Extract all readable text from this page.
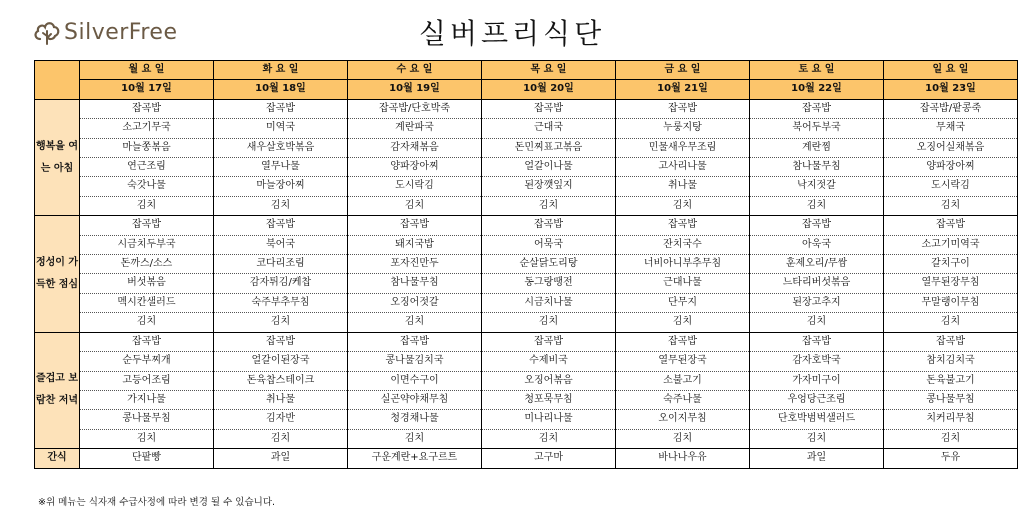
SilverFree	실버프리식단
	월 요 일	화 요 일	수 요 일	목 요 일	금 요 일	토 요 일	일 요 일
	10월 17일	10월 18일	10월 19일	10월 20일	10월 21일	10월 22일	10월 23일
행복을 여는 아침	잡곡밥	잡곡밥	잡곡밥/단호박죽	잡곡밥	잡곡밥	잡곡밥	잡곡밥/팥콩죽
	소고기무국	미역국	계란파국	근대국	누룽지탕	북어두부국	무채국
	마늘쫑볶음	새우살호박볶음	감자채볶음	돈민찌표고볶음	민물새우무조림	계란찜	오징어실채볶음
	연근조림	열무나물	양파장아찌	얼갈이나물	고사리나물	참나물무침	양파장아찌
	숙갓나물	마늘장아찌	도시락김	된장깻잎지	취나물	낙지젓갈	도시락김
	김치	김치	김치	김치	김치	김치	김치
정성이 가득한 점심	잡곡밥	잡곡밥	잡곡밥	잡곡밥	잡곡밥	잡곡밥	잡곡밥
	시금치두부국	북어국	돼지국밥	어묵국	잔치국수	아욱국	소고기미역국
	돈까스/소스	코다리조림	포자진만두	순살닭도리탕	너비아니부추무침	훈제오리/무쌈	갈치구이
	버섯볶음	감자튀김/케찹	참나물무침	동그랑땡전	근대나물	느타리버섯볶음	열무된장무침
	멕시칸샐러드	숙주부추무침	오징어젓갈	시금치나물	단무지	된장고추지	무말랭이무침
	김치	김치	김치	김치	김치	김치	김치
즐겁고 보람찬 저녁	잡곡밥	잡곡밥	잡곡밥	잡곡밥	잡곡밥	잡곡밥	잡곡밥
	순두부찌개	얼갈이된장국	콩나물김치국	수제비국	열무된장국	감자호박국	참치김치국
	고등어조림	돈육찹스테이크	이면수구이	오징어볶음	소불고기	가자미구이	돈육불고기
	가지나물	취나물	실곤약야채무침	청포묵무침	숙주나물	우엉당근조림	콩나물무침
	콩나물무침	김자반	청경채나물	미나리나물	오이지무침	단호박범벅샐러드	치커리무침
	김치	김치	김치	김치	김치	김치	김치
간식	단팥빵	과일	구운계란+요구르트	고구마	바나나우유	과일	두유
※위 메뉴는 식자재 수급사정에 따라 변경 될 수 있습니다.
